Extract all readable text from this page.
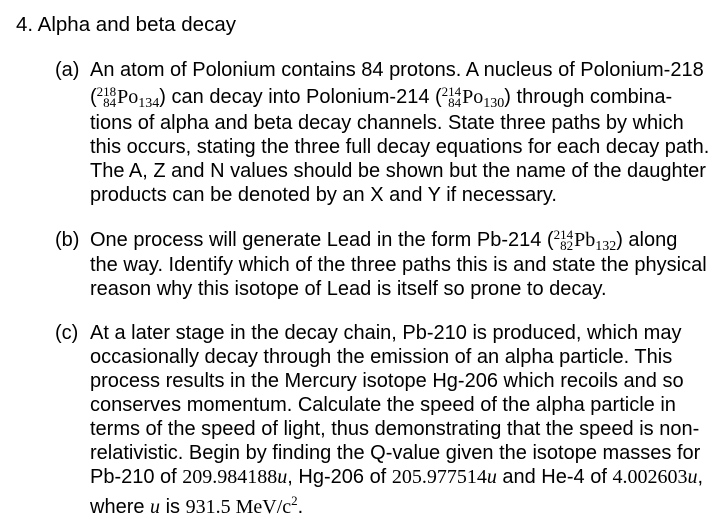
4. Alpha and beta decay
(a) An atom of Polonium contains 84 protons. A nucleus of Polonium-218
( 218
84 $Po_{134}$) can decay into Polonium-214 ( 214
84 $Po_{130}$) through combina-
tions of alpha and beta decay channels. State three paths by which
this occurs, stating the three full decay equations for each decay path.
The A, Z and N values should be shown but the name of the daughter
products can be denoted by an X and Y if necessary.
(b) One process will generate Lead in the form Pb-214 ( 214
82 $Pb_{132}$) along
the way. Identify which of the three paths this is and state the physical
reason why this isotope of Lead is itself so prone to decay.
(c) At a later stage in the decay chain, Pb-210 is produced, which may
occasionally decay through the emission of an alpha particle. This
process results in the Mercury isotope Hg-206 which recoils and so
conserves momentum. Calculate the speed of the alpha particle in
terms of the speed of light, thus demonstrating that the speed is non-
relativistic. Begin by finding the Q-value given the isotope masses for
Pb-210 of 209.984188u, Hg-206 of 205.977514u and He-4 of 4.002603u,
where u is 931.5 MeV/$c^2$.
